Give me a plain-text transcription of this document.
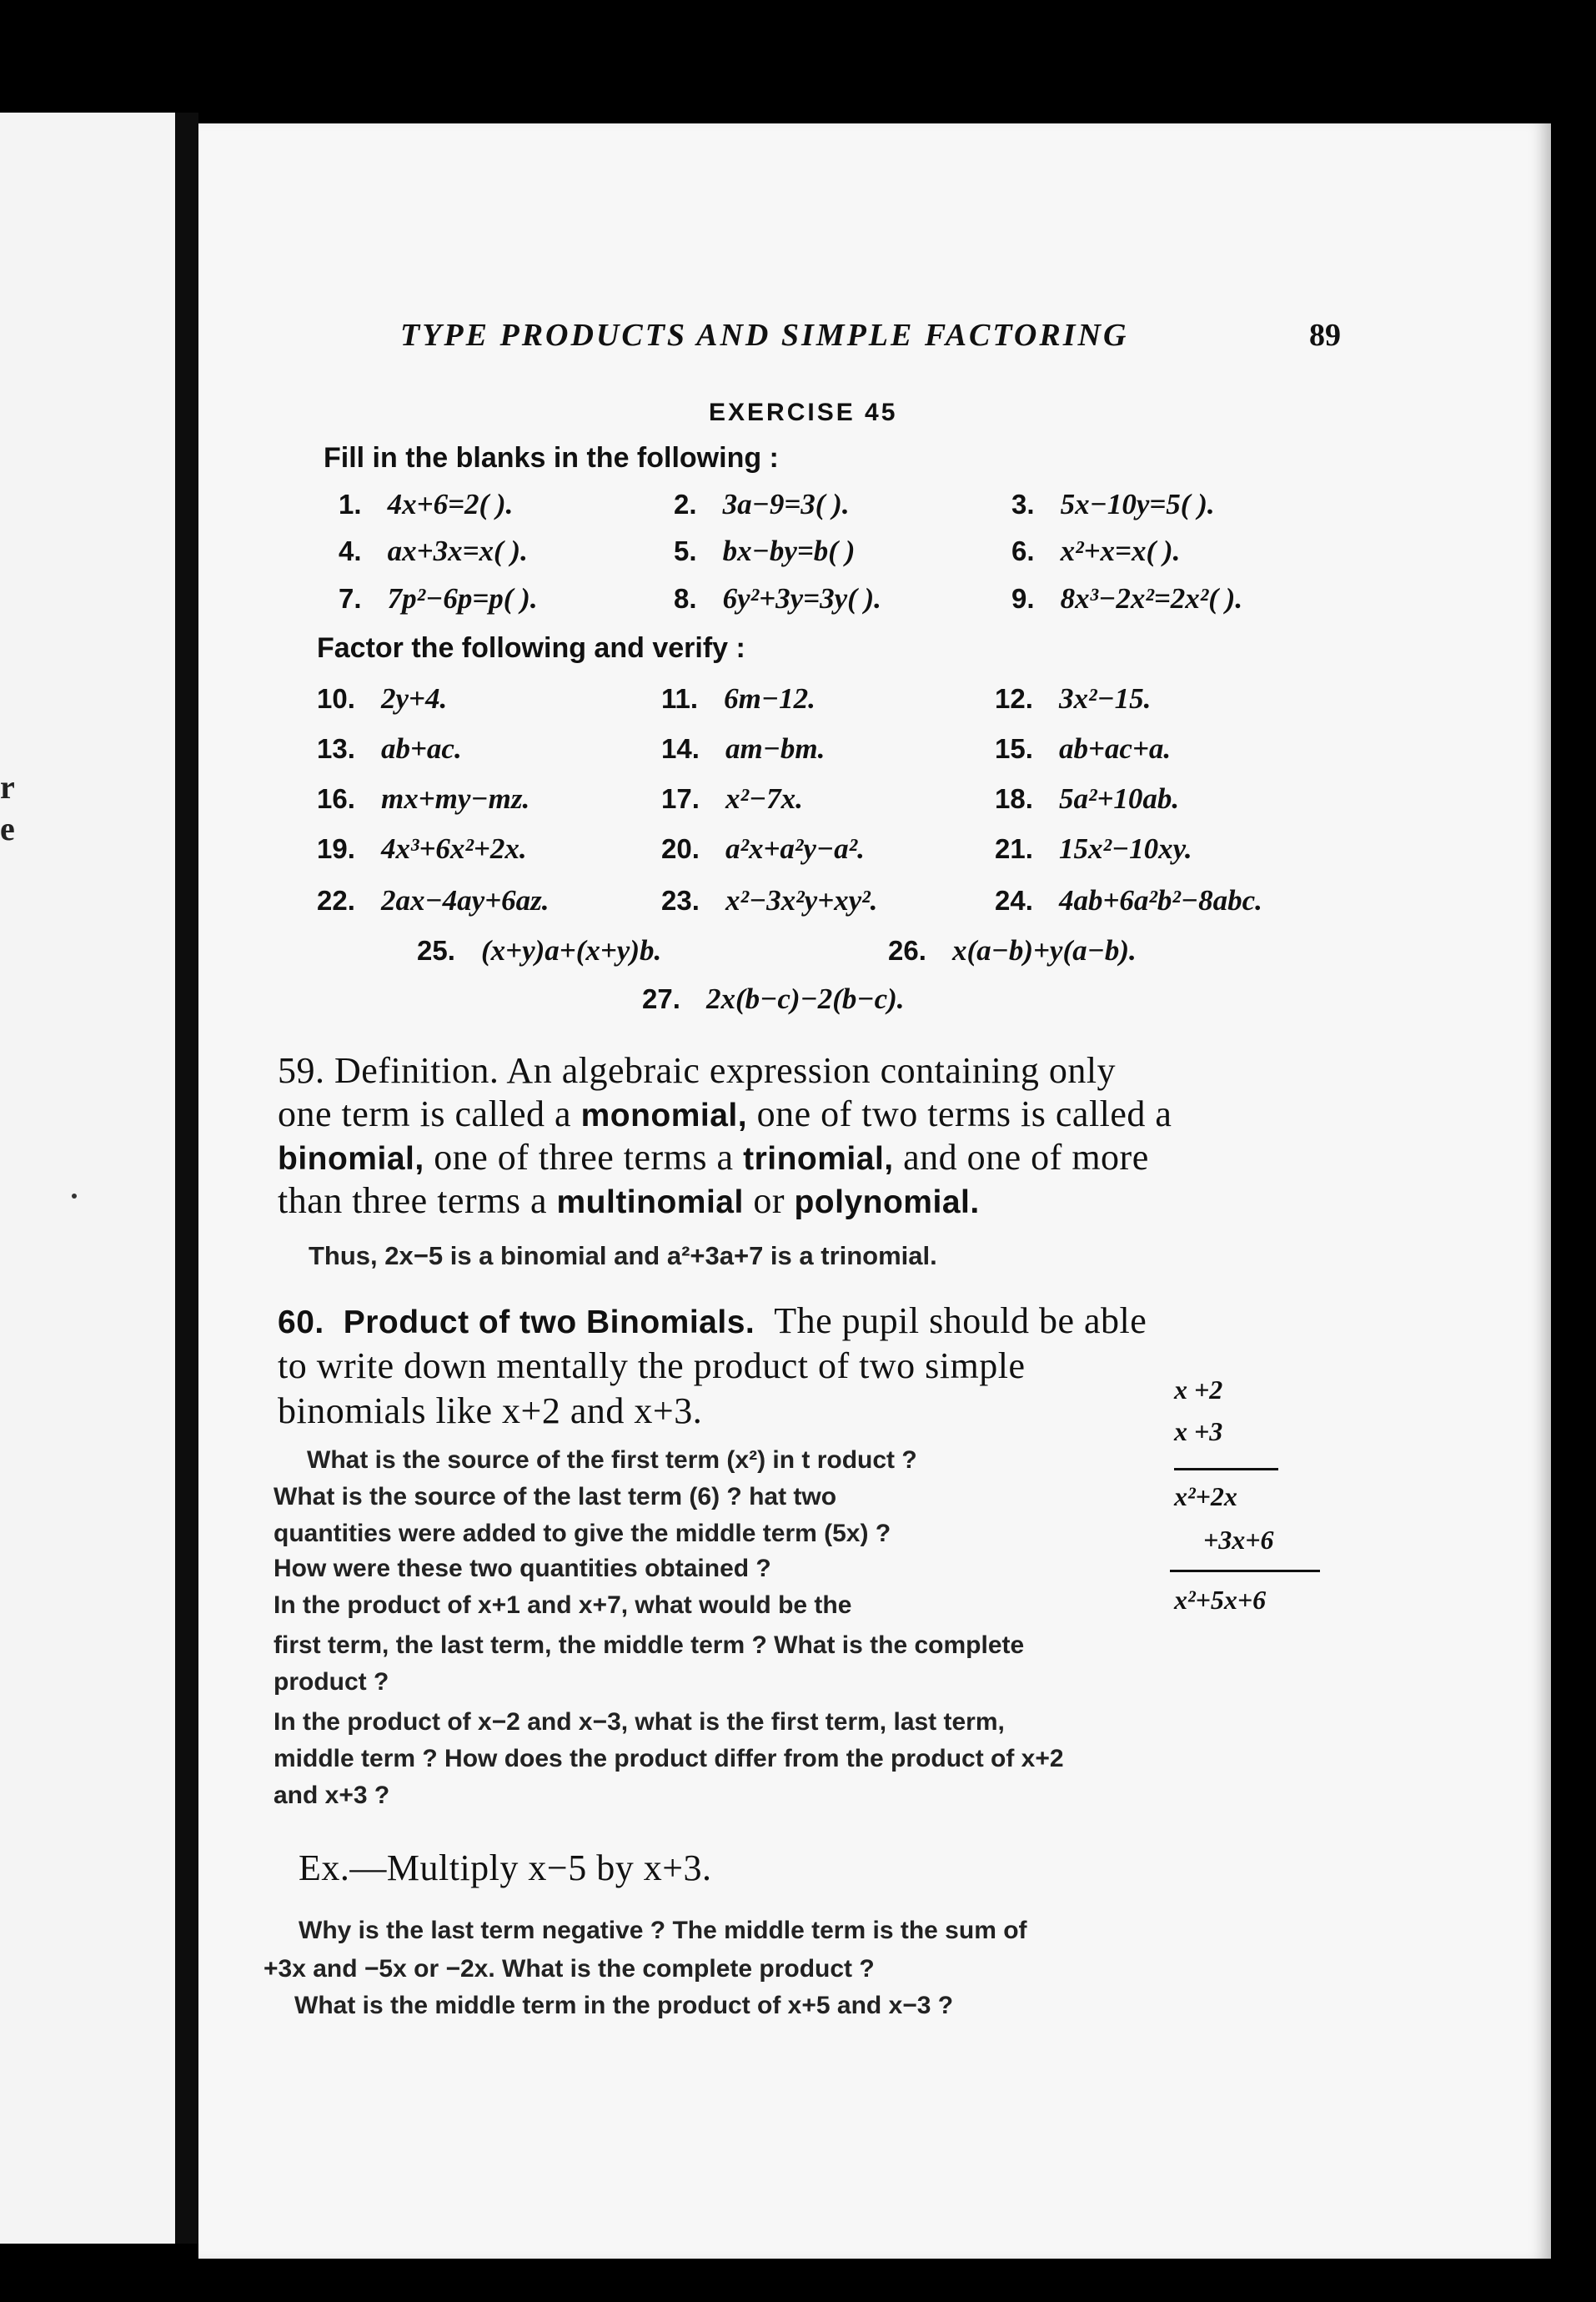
r
e
TYPE PRODUCTS AND SIMPLE FACTORING	89
EXERCISE 45
Fill in the blanks in the following :
1. 4x+6=2( ).	2. 3a−9=3( ).	3. 5x−10y=5( ).
4. ax+3x=x( ).	5. bx−by=b( )	6. x²+x=x( ).
7. 7p²−6p=p( ).	8. 6y²+3y=3y( ).	9. 8x³−2x²=2x²( ).
Factor the following and verify :
10. 2y+4.	11. 6m−12.	12. 3x²−15.
13. ab+ac.	14. am−bm.	15. ab+ac+a.
16. mx+my−mz.	17. x²−7x.	18. 5a²+10ab.
19. 4x³+6x²+2x.	20. a²x+a²y−a².	21. 15x²−10xy.
22. 2ax−4ay+6az.	23. x²−3x²y+xy².	24. 4ab+6a²b²−8abc.
25. (x+y)a+(x+y)b.	26. x(a−b)+y(a−b).
27. 2x(b−c)−2(b−c).
59. Definition. An algebraic expression containing only
one term is called a monomial, one of two terms is called a
binomial, one of three terms a trinomial, and one of more
than three terms a multinomial or polynomial.
Thus, 2x−5 is a binomial and a²+3a+7 is a trinomial.
60. Product of two Binomials. The pupil should be able
to write down mentally the product of two simple
binomials like x+2 and x+3.
x +2
x +3
x²+2x
+3x+6
x²+5x+6
What is the source of the first term (x²) in t roduct ?
What is the source of the last term (6) ? hat two
quantities were added to give the middle term (5x) ?
How were these two quantities obtained ?
In the product of x+1 and x+7, what would be the
first term, the last term, the middle term ? What is the complete
product ?
In the product of x−2 and x−3, what is the first term, last term,
middle term ? How does the product differ from the product of x+2
and x+3 ?
Ex.—Multiply x−5 by x+3.
Why is the last term negative ? The middle term is the sum of
+3x and −5x or −2x. What is the complete product ?
What is the middle term in the product of x+5 and x−3 ?
